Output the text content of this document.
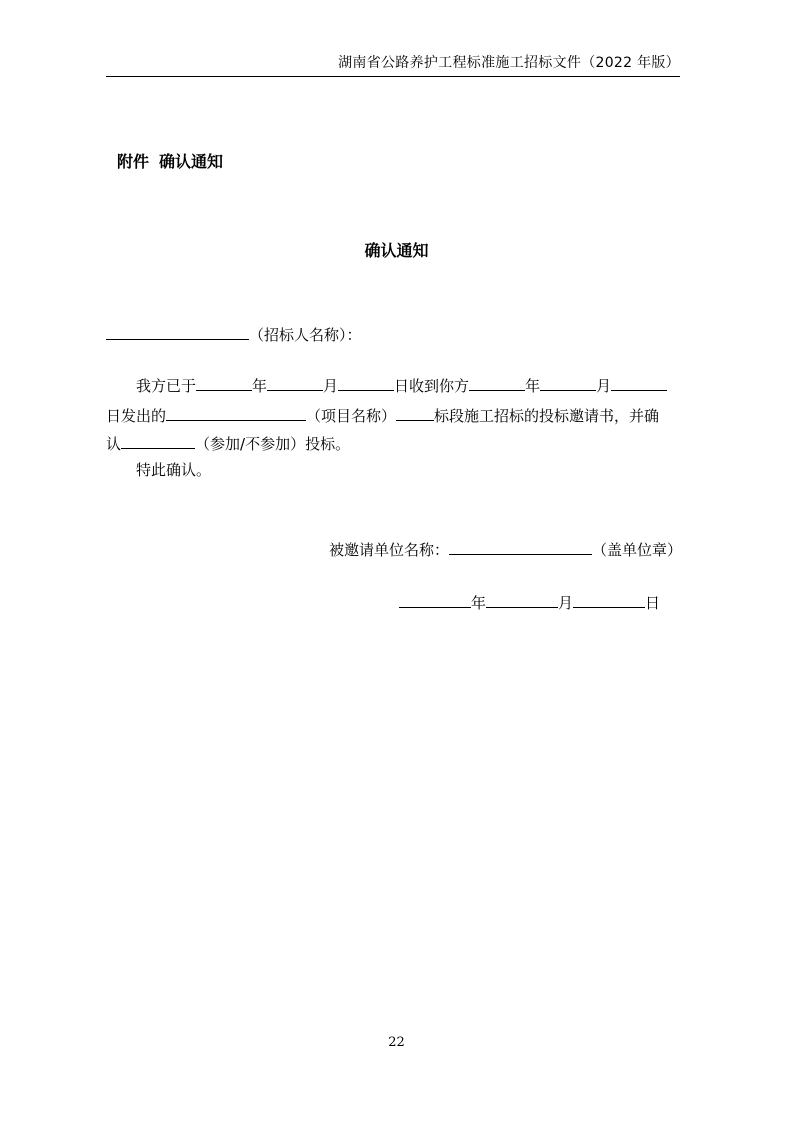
湖南省公路养护工程标准施工招标文件（2022 年版）
附件 确认通知
确认通知
（招标人名称）：
我方已于	年	月	日收到你方	年	月
日发出的	（项目名称）	标段施工招标的投标邀请书，并确
认	（参加/不参加）投标。
特此确认。
被邀请单位名称：	（盖单位章）
年	月	日
22
